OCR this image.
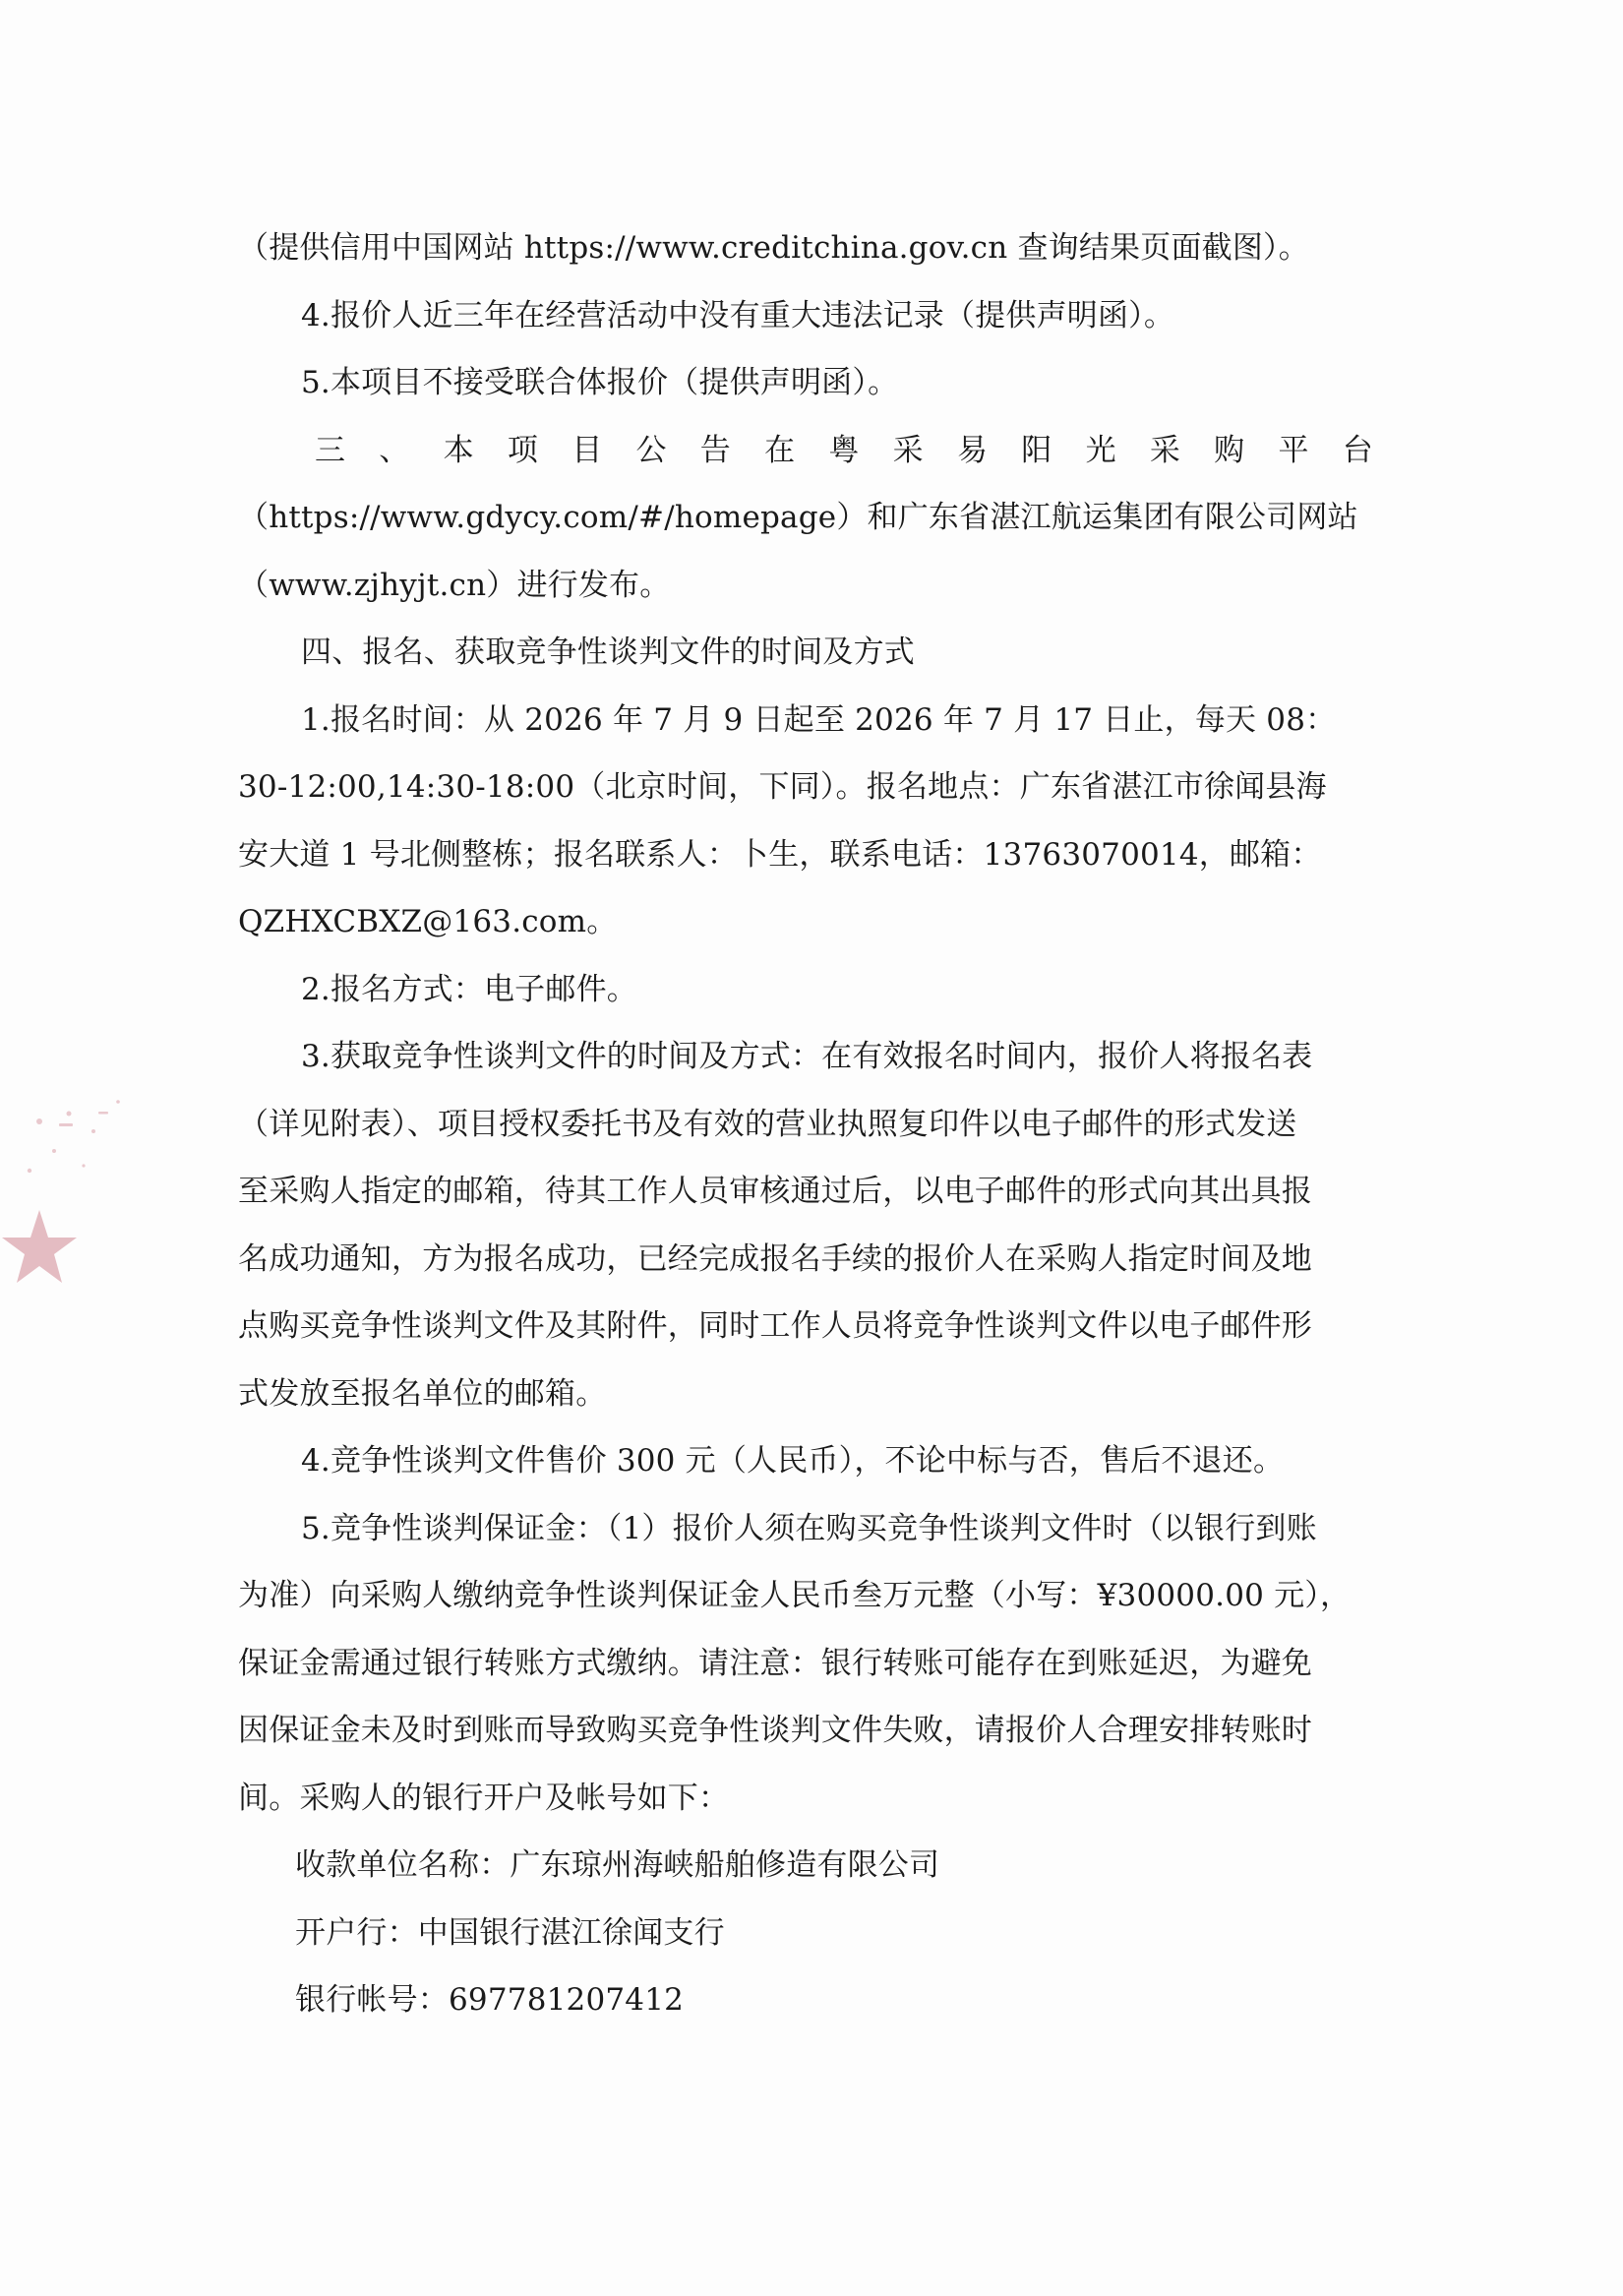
（提供信用中国网站 https://www.creditchina.gov.cn 查询结果页面截图）。
4.报价人近三年在经营活动中没有重大违法记录（提供声明函）。
5.本项目不接受联合体报价（提供声明函）。
三 、 本 项 目 公 告 在 粤 采 易 阳 光 采 购 平 台
（https://www.gdycy.com/#/homepage）和广东省湛江航运集团有限公司网站
（www.zjhyjt.cn）进行发布。
四、报名、获取竞争性谈判文件的时间及方式
1.报名时间：从 2026 年 7 月 9 日起至 2026 年 7 月 17 日止，每天 08：
30-12:00,14:30-18:00（北京时间，下同）。报名地点：广东省湛江市徐闻县海
安大道 1 号北侧整栋；报名联系人：卜生，联系电话：13763070014，邮箱：
QZHXCBXZ@163.com。
2.报名方式：电子邮件。
3.获取竞争性谈判文件的时间及方式：在有效报名时间内，报价人将报名表
（详见附表）、项目授权委托书及有效的营业执照复印件以电子邮件的形式发送
至采购人指定的邮箱，待其工作人员审核通过后，以电子邮件的形式向其出具报
名成功通知，方为报名成功，已经完成报名手续的报价人在采购人指定时间及地
点购买竞争性谈判文件及其附件，同时工作人员将竞争性谈判文件以电子邮件形
式发放至报名单位的邮箱。
4.竞争性谈判文件售价 300 元（人民币），不论中标与否，售后不退还。
5.竞争性谈判保证金：（1）报价人须在购买竞争性谈判文件时（以银行到账
为准）向采购人缴纳竞争性谈判保证金人民币叁万元整（小写：¥30000.00 元），
保证金需通过银行转账方式缴纳。请注意：银行转账可能存在到账延迟，为避免
因保证金未及时到账而导致购买竞争性谈判文件失败，请报价人合理安排转账时
间。采购人的银行开户及帐号如下：
收款单位名称：广东琼州海峡船舶修造有限公司
开户行：中国银行湛江徐闻支行
银行帐号：697781207412
